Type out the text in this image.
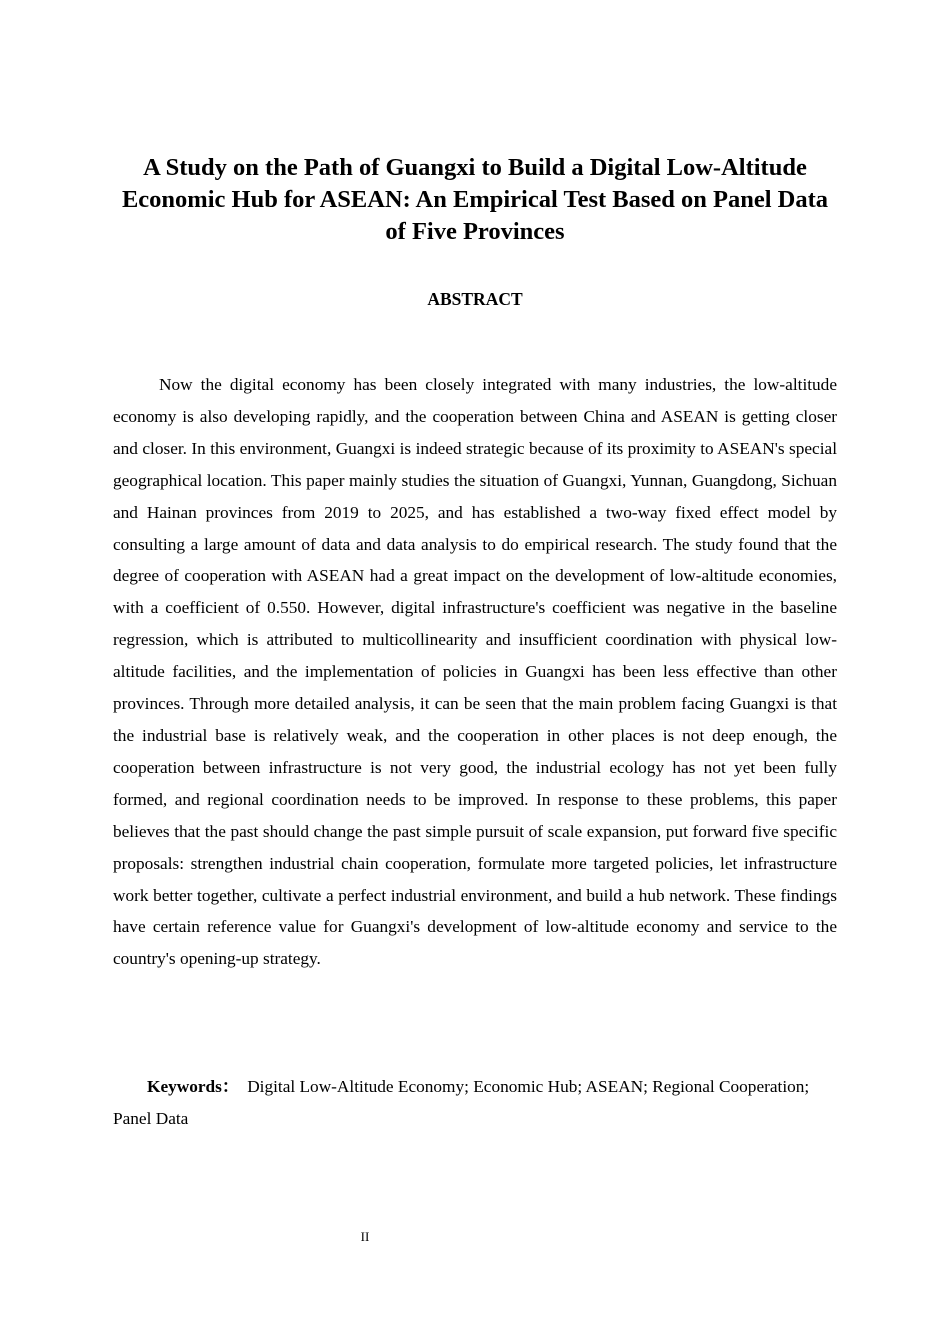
A Study on the Path of Guangxi to Build a Digital Low-Altitude Economic Hub for ASEAN: An Empirical Test Based on Panel Data of Five Provinces
ABSTRACT

Now the digital economy has been closely integrated with many industries, the low-altitude economy is also developing rapidly, and the cooperation between China and ASEAN is getting closer and closer. In this environment, Guangxi is indeed strategic because of its proximity to ASEAN's special geographical location. This paper mainly studies the situation of Guangxi, Yunnan, Guangdong, Sichuan and Hainan provinces from 2019 to 2025, and has established a two-way fixed effect model by consulting a large amount of data and data analysis to do empirical research. The study found that the degree of cooperation with ASEAN had a great impact on the development of low-altitude economies, with a coefficient of 0.550. However, digital infrastructure's coefficient was negative in the baseline regression, which is attributed to multicollinearity and insufficient coordination with physical low-altitude facilities, and the implementation of policies in Guangxi has been less effective than other provinces. Through more detailed analysis, it can be seen that the main problem facing Guangxi is that the industrial base is relatively weak, and the cooperation in other places is not deep enough, the cooperation between infrastructure is not very good, the industrial ecology has not yet been fully formed, and regional coordination needs to be improved. In response to these problems, this paper believes that the past should change the past simple pursuit of scale expansion, put forward five specific proposals: strengthen industrial chain cooperation, formulate more targeted policies, let infrastructure work better together, cultivate a perfect industrial environment, and build a hub network. These findings have certain reference value for Guangxi's development of low-altitude economy and service to the country's opening-up strategy.

Keywords： Digital Low-Altitude Economy; Economic Hub; ASEAN; Regional Cooperation; Panel Data

II
